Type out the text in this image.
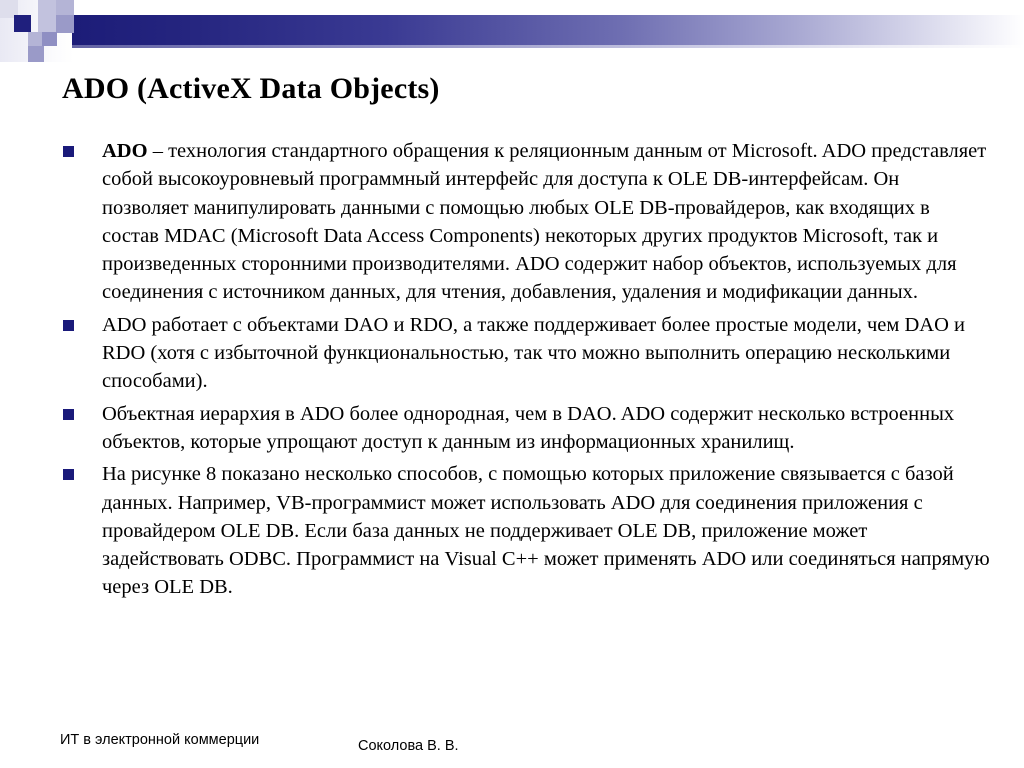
ADO (ActiveX Data Objects)
ADO – технология стандартного обращения к реляционным данным от Microsoft. ADO представляет собой высокоуровневый программный интерфейс для доступа к OLE DB-интерфейсам. Он позволяет манипулировать данными с помощью любых OLE DB-провайдеров, как входящих в состав MDAC (Microsoft Data Access Components) некоторых других продуктов Microsoft, так и произведенных сторонними производителями. ADO содержит набор объектов, используемых для соединения с источником данных, для чтения, добавления, удаления и модификации данных.
ADO работает с объектами DAO и RDO, а также поддерживает более простые модели, чем DAO и RDO (хотя с избыточной функциональностью, так что можно выполнить операцию несколькими способами).
Объектная иерархия в ADO более однородная, чем в DAO. ADO содержит несколько встроенных объектов, которые упрощают доступ к данным из информационных хранилищ.
На рисунке 8 показано несколько способов, с помощью которых приложение связывается с базой данных. Например, VB-программист может использовать ADO для соединения приложения с провайдером OLE DB. Если база данных не поддерживает OLE DB, приложение может задействовать ODBC. Программист на Visual C++ может применять ADO или соединяться напрямую через OLE DB.
ИТ в электронной коммерции	Соколова В. В.
